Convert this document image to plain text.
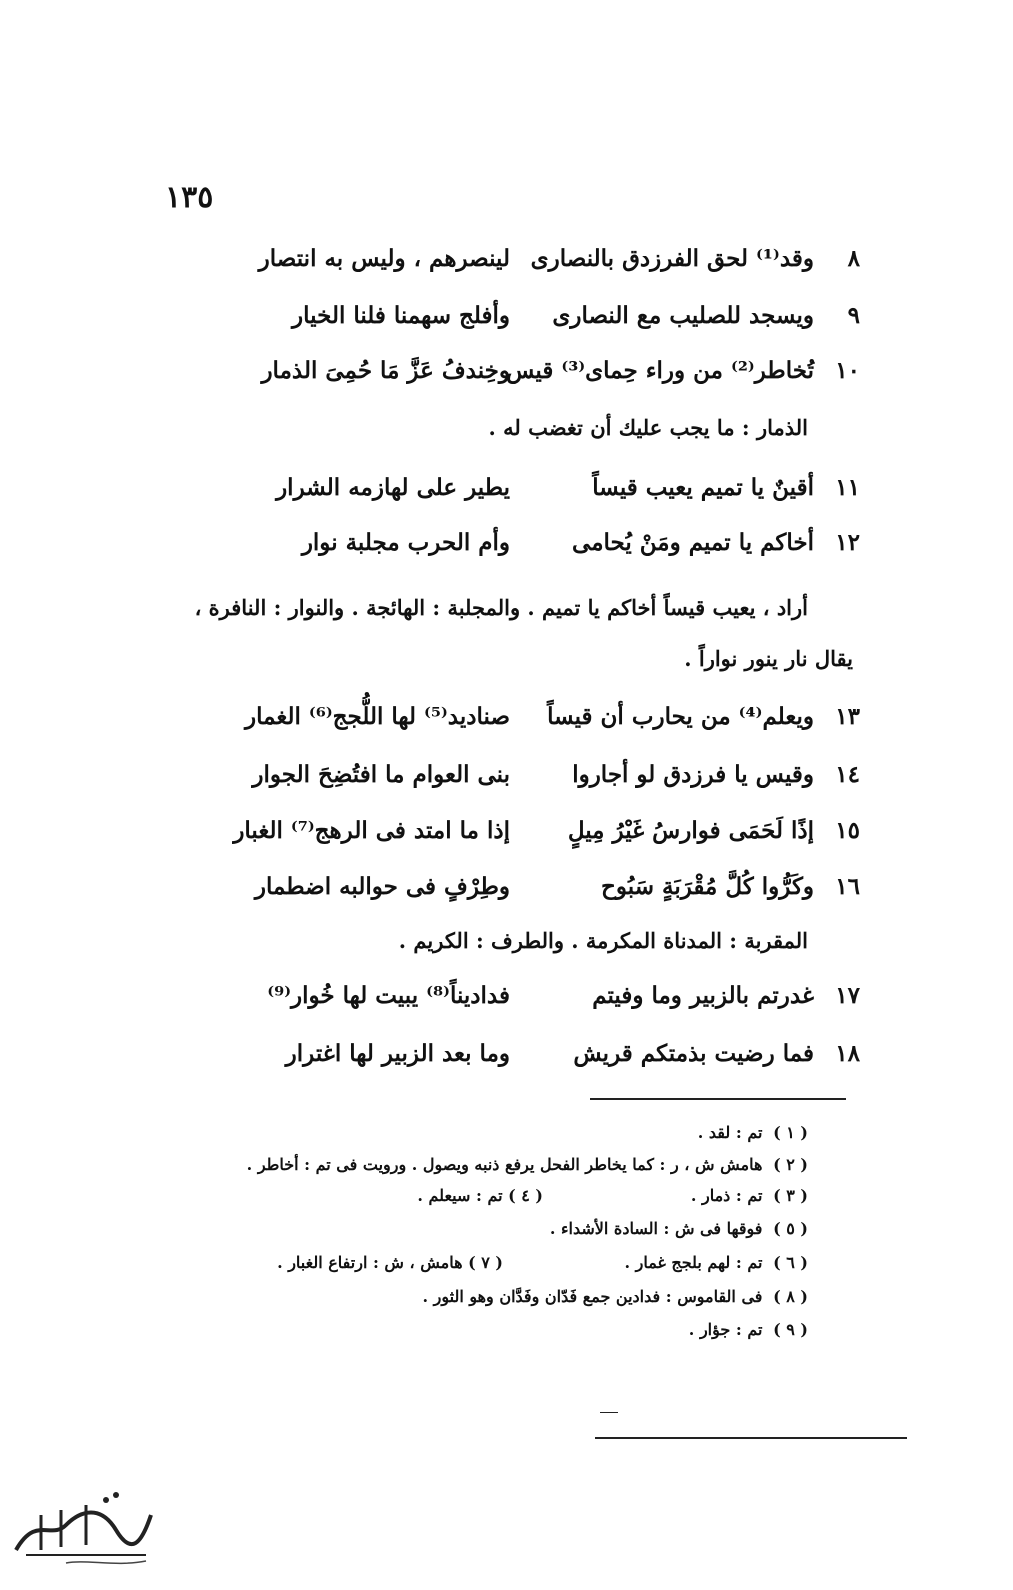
١٣٥
٨
وقد⁽¹⁾ لحق الفرزدق بالنصارى
لينصرهم ، وليس به انتصار
٩
ويسجد للصليب مع النصارى
وأفلج سهمنا فلنا الخيار
١٠
تُخاطر⁽²⁾ من وراء حِماى⁽³⁾ قيس
وخِندفُ عَزَّ مَا حُمِىَ الذمار
الذمار : ما يجب عليك أن تغضب له .
١١
أقينٌ يا تميم يعيب قيساً
يطير على لهازمه الشرار
١٢
أخاكم يا تميم ومَنْ يُحامى
وأم الحرب مجلبة نوار
أراد ، يعيب قيساً أخاكم يا تميم . والمجلبة : الهائجة . والنوار : النافرة ،
يقال نار ينور نواراً .
١٣
ويعلم⁽⁴⁾ من يحارب أن قيساً
صناديد⁽⁵⁾ لها اللُّجج⁽⁶⁾ الغمار
١٤
وقيس يا فرزدق لو أجاروا
بنى العوام ما افتُضِحَ الجوار
١٥
إذًا لَحَمَى فوارسُ غَيْرُ مِيلٍ
إذا ما امتد فى الرهج⁽⁷⁾ الغبار
١٦
وكَرُّوا كُلَّ مُقْرَبَةٍ سَبُوح
وطِرْفٍ فى حوالبه اضطمار
المقربة : المدناة المكرمة . والطرف : الكريم .
١٧
غدرتم بالزبير وما وفيتم
فداديناً⁽⁸⁾ يبيت لها خُوار⁽⁹⁾
١٨
فما رضيت بذمتكم قريش
وما بعد الزبير لها اغترار
( ١ ) تم : لقد .
( ٢ ) هامش ش ، ر : كما يخاطر الفحل يرفع ذنبه ويصول . ورويت فى تم : أخاطر .
( ٣ ) تم : ذمار .
( ٤ ) تم : سيعلم .
( ٥ ) فوقها فى ش : السادة الأشداء .
( ٦ ) تم : لهم بلجج غمار .
( ٧ ) هامش ، ش : ارتفاع الغبار .
( ٨ ) فى القاموس : فدادين جمع فَدّان وفَدَّان وهو الثور .
( ٩ ) تم : جؤار .
